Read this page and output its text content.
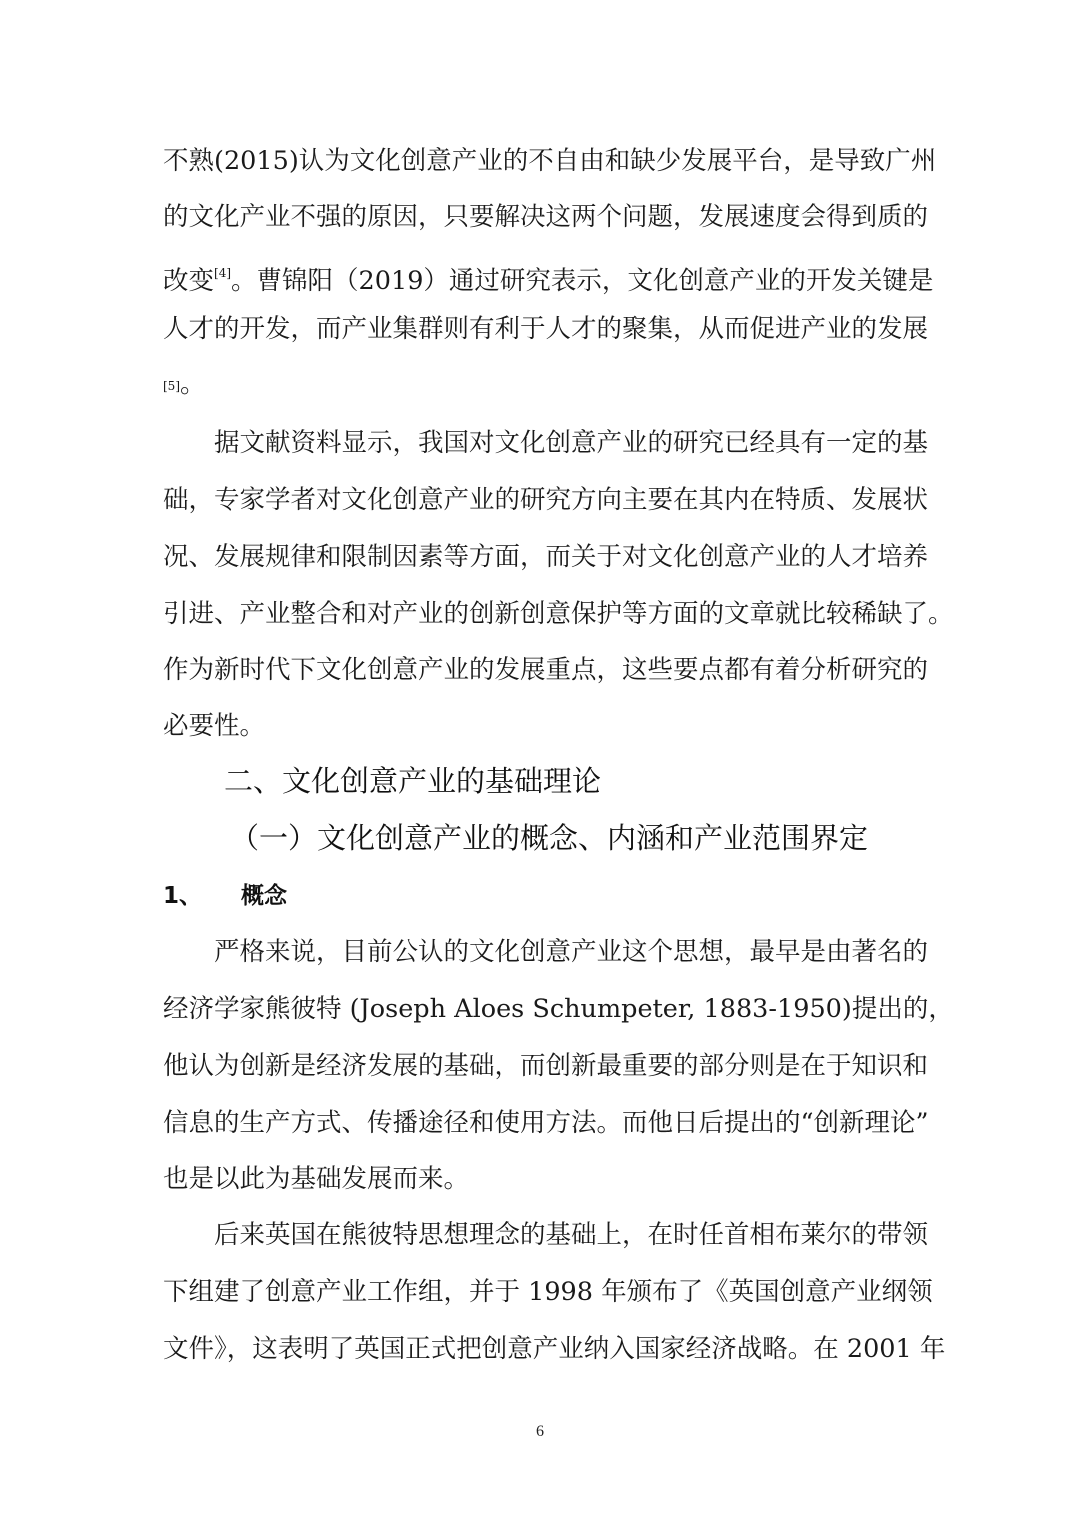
不熟(2015)认为文化创意产业的不自由和缺少发展平台，是导致广州
的文化产业不强的原因，只要解决这两个问题，发展速度会得到质的
改变[4]。曹锦阳（2019）通过研究表示，文化创意产业的开发关键是
人才的开发，而产业集群则有利于人才的聚集，从而促进产业的发展
[5]。
据文献资料显示，我国对文化创意产业的研究已经具有一定的基
础，专家学者对文化创意产业的研究方向主要在其内在特质、发展状
况、发展规律和限制因素等方面，而关于对文化创意产业的人才培养
引进、产业整合和对产业的创新创意保护等方面的文章就比较稀缺了。
作为新时代下文化创意产业的发展重点，这些要点都有着分析研究的
必要性。
二、文化创意产业的基础理论
（一）文化创意产业的概念、内涵和产业范围界定
1、 概念
严格来说，目前公认的文化创意产业这个思想，最早是由著名的
经济学家熊彼特 (Joseph Aloes Schumpeter, 1883-1950)提出的，
他认为创新是经济发展的基础，而创新最重要的部分则是在于知识和
信息的生产方式、传播途径和使用方法。而他日后提出的“创新理论”
也是以此为基础发展而来。
后来英国在熊彼特思想理念的基础上，在时任首相布莱尔的带领
下组建了创意产业工作组，并于 1998 年颁布了《英国创意产业纲领
文件》，这表明了英国正式把创意产业纳入国家经济战略。在 2001 年
6
